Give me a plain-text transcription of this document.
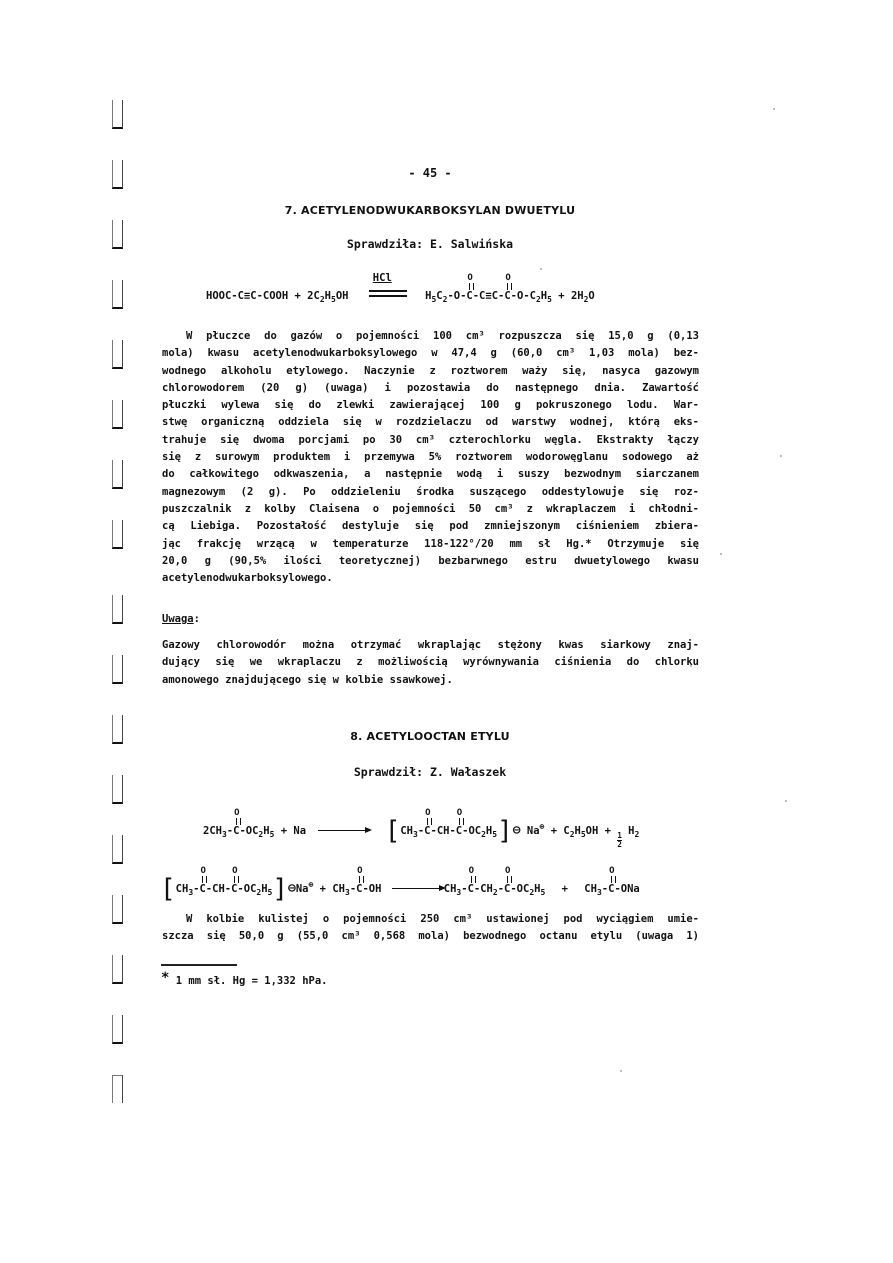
- 45 -
7. ACETYLENODWUKARBOKSYLAN DWUETYLU
Sprawdziła: E. Salwińska
HOOC-C≡C-COOH + $2C_2H_5OH$
HCl
$H_5C_2-O-O$ C-C≡C-O $C-O-C_2H_5 + 2H_2O$
W płuczce do gazów o pojemności 100 cm³ rozpuszcza się 15,0 g (0,13
mola) kwasu acetylenodwukarboksylowego w 47,4 g (60,0 cm³ 1,03 mola) bez-
wodnego alkoholu etylowego. Naczynie z roztworem waży się, nasyca gazowym
chlorowodorem (20 g) (uwaga) i pozostawia do następnego dnia. Zawartość
płuczki wylewa się do zlewki zawierającej 100 g pokruszonego lodu. War-
stwę organiczną oddziela się w rozdzielaczu od warstwy wodnej, którą eks-
trahuje się dwoma porcjami po 30 cm³ czterochlorku węgla. Ekstrakty łączy
się z surowym produktem i przemywa 5% roztworem wodorowęglanu sodowego aż
do całkowitego odkwaszenia, a następnie wodą i suszy bezwodnym siarczanem
magnezowym (2 g). Po oddzieleniu środka suszącego oddestylowuje się roz-
puszczalnik z kolby Claisena o pojemności 50 cm³ z wkraplaczem i chłodni-
cą Liebiga. Pozostałość destyluje się pod zmniejszonym ciśnieniem zbiera-
jąc frakcję wrzącą w temperaturze 118-122°/20 mm sł Hg.* Otrzymuje się
20,0 g (90,5% ilości teoretycznej) bezbarwnego estru dwuetylowego kwasu
acetylenodwukarboksylowego.
Uwaga:
Gazowy chlorowodór można otrzymać wkraplając stężony kwas siarkowy znaj-
dujący się we wkraplaczu z możliwością wyrównywania ciśnienia do chlorku
amonowego znajdującego się w kolbie ssawkowej.
8. ACETYLOOCTAN ETYLU
Sprawdził: Z. Wałaszek
$2CH_3-O$ $C-OC_2H_5 + Na$	[$CH_3-O$ C-CH-O $C-OC_2H_5]⊖$ $Na^\oplus + C_2H_5OH$ +
$\frac{1}{2}$
$H_2$
[$CH_3-O$ C-CH-O $C-OC_2H_5]⊖Na^\oplus + CH_3-O$ C-OH	$CH_3-O$ $C-CH_2-O$ $C-OC_2H_5 + CH_3-O$ C-ONa
W kolbie kulistej o pojemności 250 cm³ ustawionej pod wyciągiem umie-
szcza się 50,0 g (55,0 cm³ 0,568 mola) bezwodnego octanu etylu (uwaga 1)
* 1 mm sł. Hg = 1,332 hPa.
